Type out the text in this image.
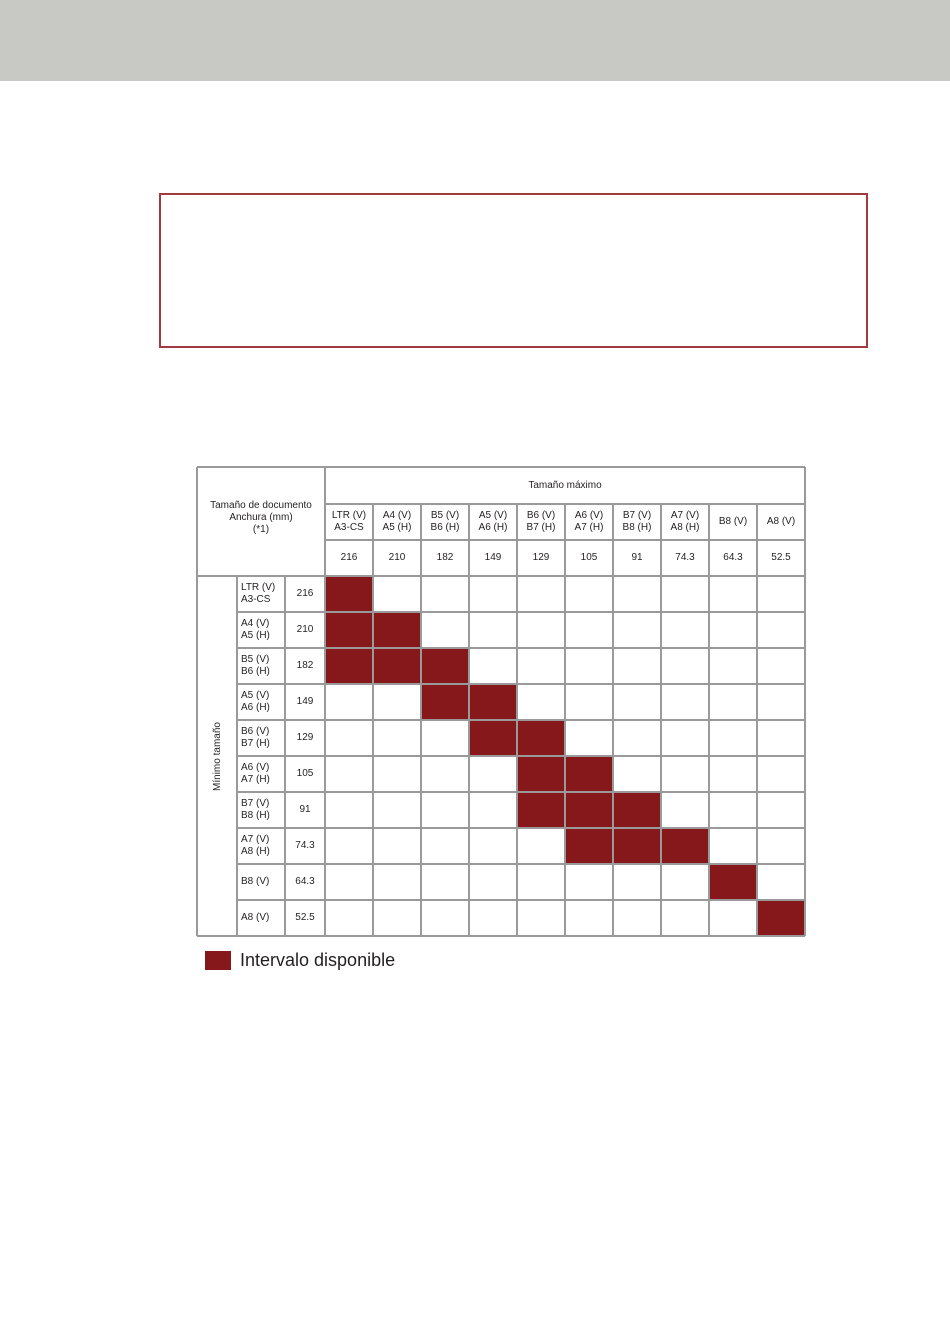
Tamaño de documento
Anchura (mm)
(*1)
Tamaño máximo
LTR (V)
A3-CS
216
A4 (V)
A5 (H)
210
B5 (V)
B6 (H)
182
A5 (V)
A6 (H)
149
B6 (V)
B7 (H)
129
A6 (V)
A7 (H)
105
B7 (V)
B8 (H)
91
A7 (V)
A8 (H)
74.3
B8 (V)
64.3
A8 (V)
52.5
LTR (V)
A3-CS
216
A4 (V)
A5 (H)
210
B5 (V)
B6 (H)
182
A5 (V)
A6 (H)
149
B6 (V)
B7 (H)
129
A6 (V)
A7 (H)
105
B7 (V)
B8 (H)
91
A7 (V)
A8 (H)
74.3
B8 (V)	64.3
A8 (V)	52.5
Mínimo tamaño
Intervalo disponible
